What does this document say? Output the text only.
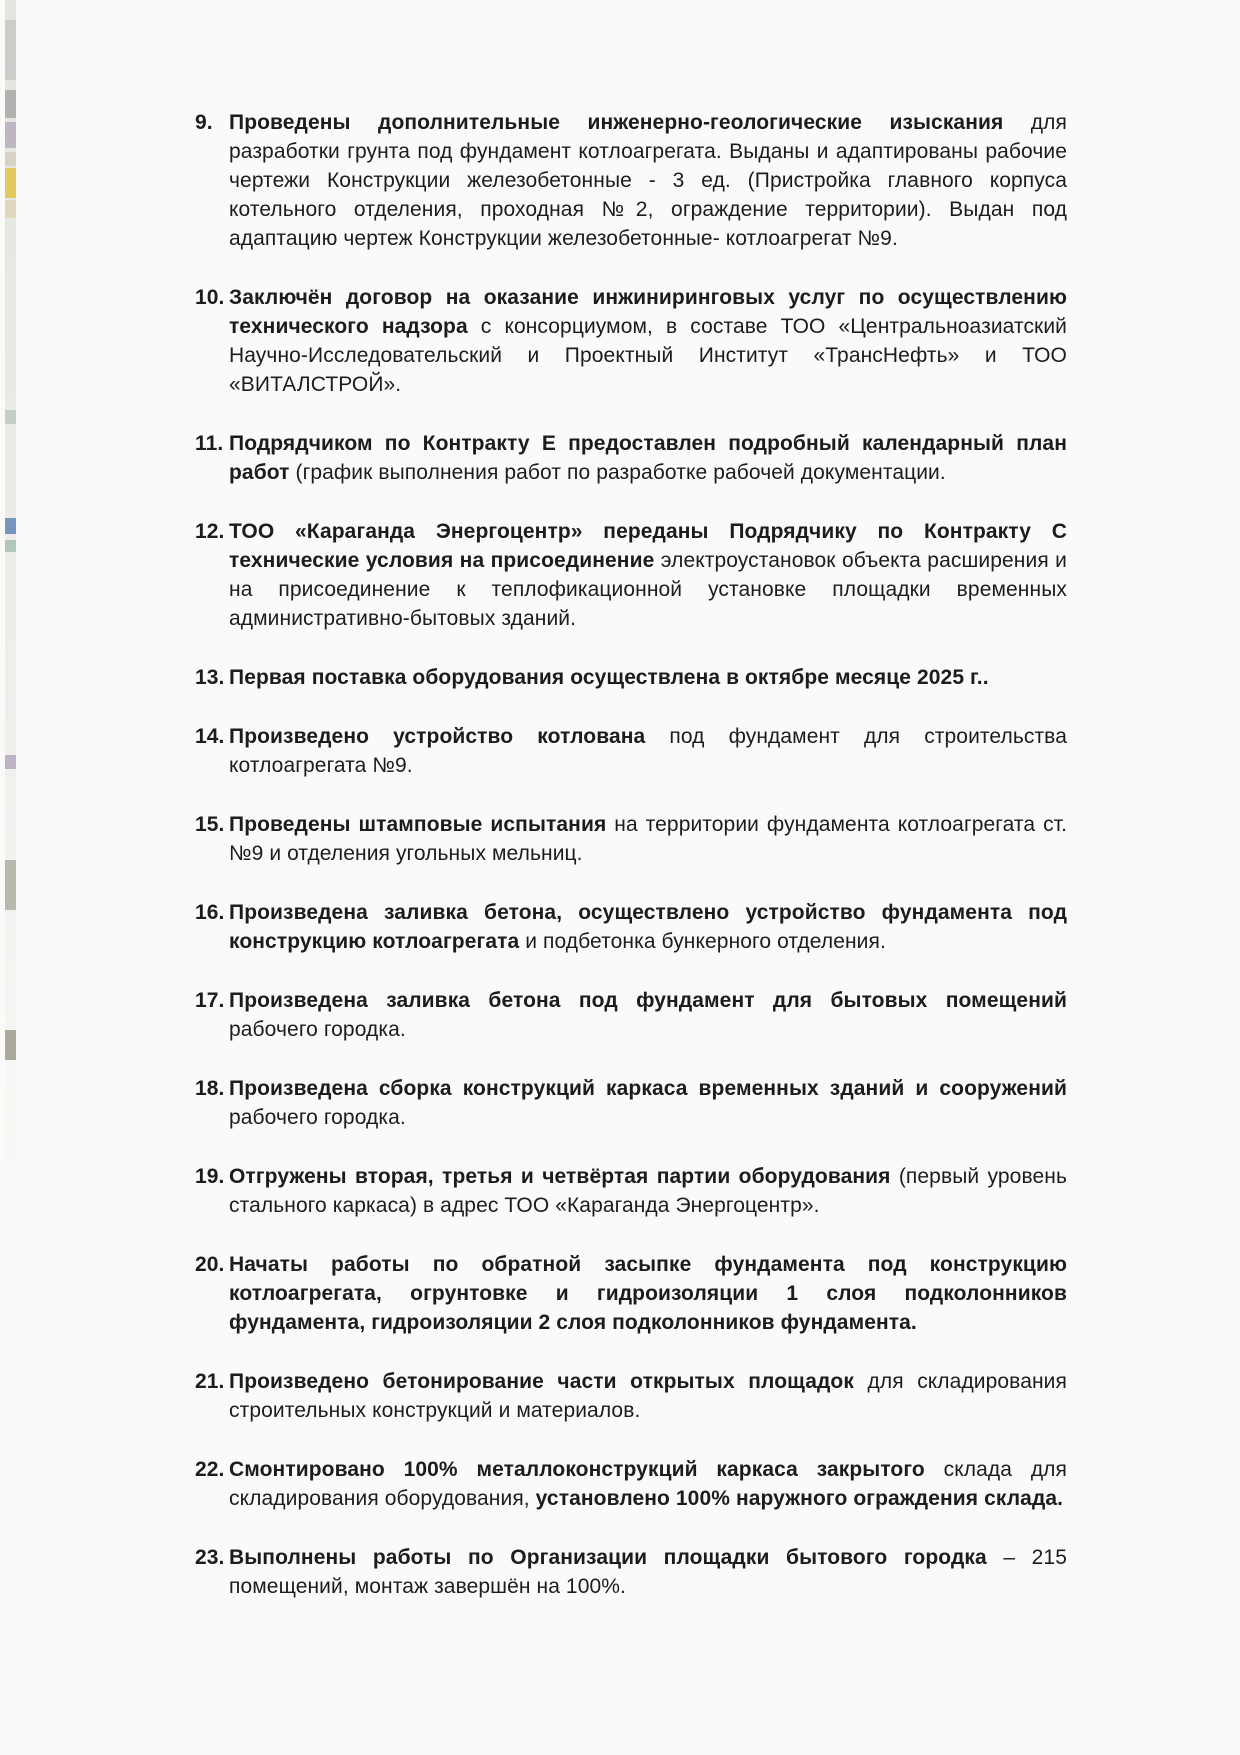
9. Проведены дополнительные инженерно-геологические изыскания для разработки грунта под фундамент котлоагрегата. Выданы и адаптированы рабочие чертежи Конструкции железобетонные - 3 ед. (Пристройка главного корпуса котельного отделения, проходная №2, ограждение территории). Выдан под адаптацию чертеж Конструкции железобетонные- котлоагрегат №9.
10. Заключён договор на оказание инжиниринговых услуг по осуществлению технического надзора с консорциумом, в составе ТОО «Центральноазиатский Научно-Исследовательский и Проектный Институт «ТрансНефть» и ТОО «ВИТАЛСТРОЙ».
11. Подрядчиком по Контракту Е предоставлен подробный календарный план работ (график выполнения работ по разработке рабочей документации.
12. ТОО «Караганда Энергоцентр» переданы Подрядчику по Контракту С технические условия на присоединение электроустановок объекта расширения и на присоединение к теплофикационной установке площадки временных административно-бытовых зданий.
13. Первая поставка оборудования осуществлена в октябре месяце 2025 г..
14. Произведено устройство котлована под фундамент для строительства котлоагрегата №9.
15. Проведены штамповые испытания на территории фундамента котлоагрегата ст.№9 и отделения угольных мельниц.
16. Произведена заливка бетона, осуществлено устройство фундамента под конструкцию котлоагрегата и подбетонка бункерного отделения.
17. Произведена заливка бетона под фундамент для бытовых помещений рабочего городка.
18. Произведена сборка конструкций каркаса временных зданий и сооружений рабочего городка.
19. Отгружены вторая, третья и четвёртая партии оборудования (первый уровень стального каркаса) в адрес ТОО «Караганда Энергоцентр».
20. Начаты работы по обратной засыпке фундамента под конструкцию котлоагрегата, огрунтовке и гидроизоляции 1 слоя подколонников фундамента, гидроизоляции 2 слоя подколонников фундамента.
21. Произведено бетонирование части открытых площадок для складирования строительных конструкций и материалов.
22. Смонтировано 100% металлоконструкций каркаса закрытого склада для складирования оборудования, установлено 100% наружного ограждения склада.
23. Выполнены работы по Организации площадки бытового городка – 215 помещений, монтаж завершён на 100%.
